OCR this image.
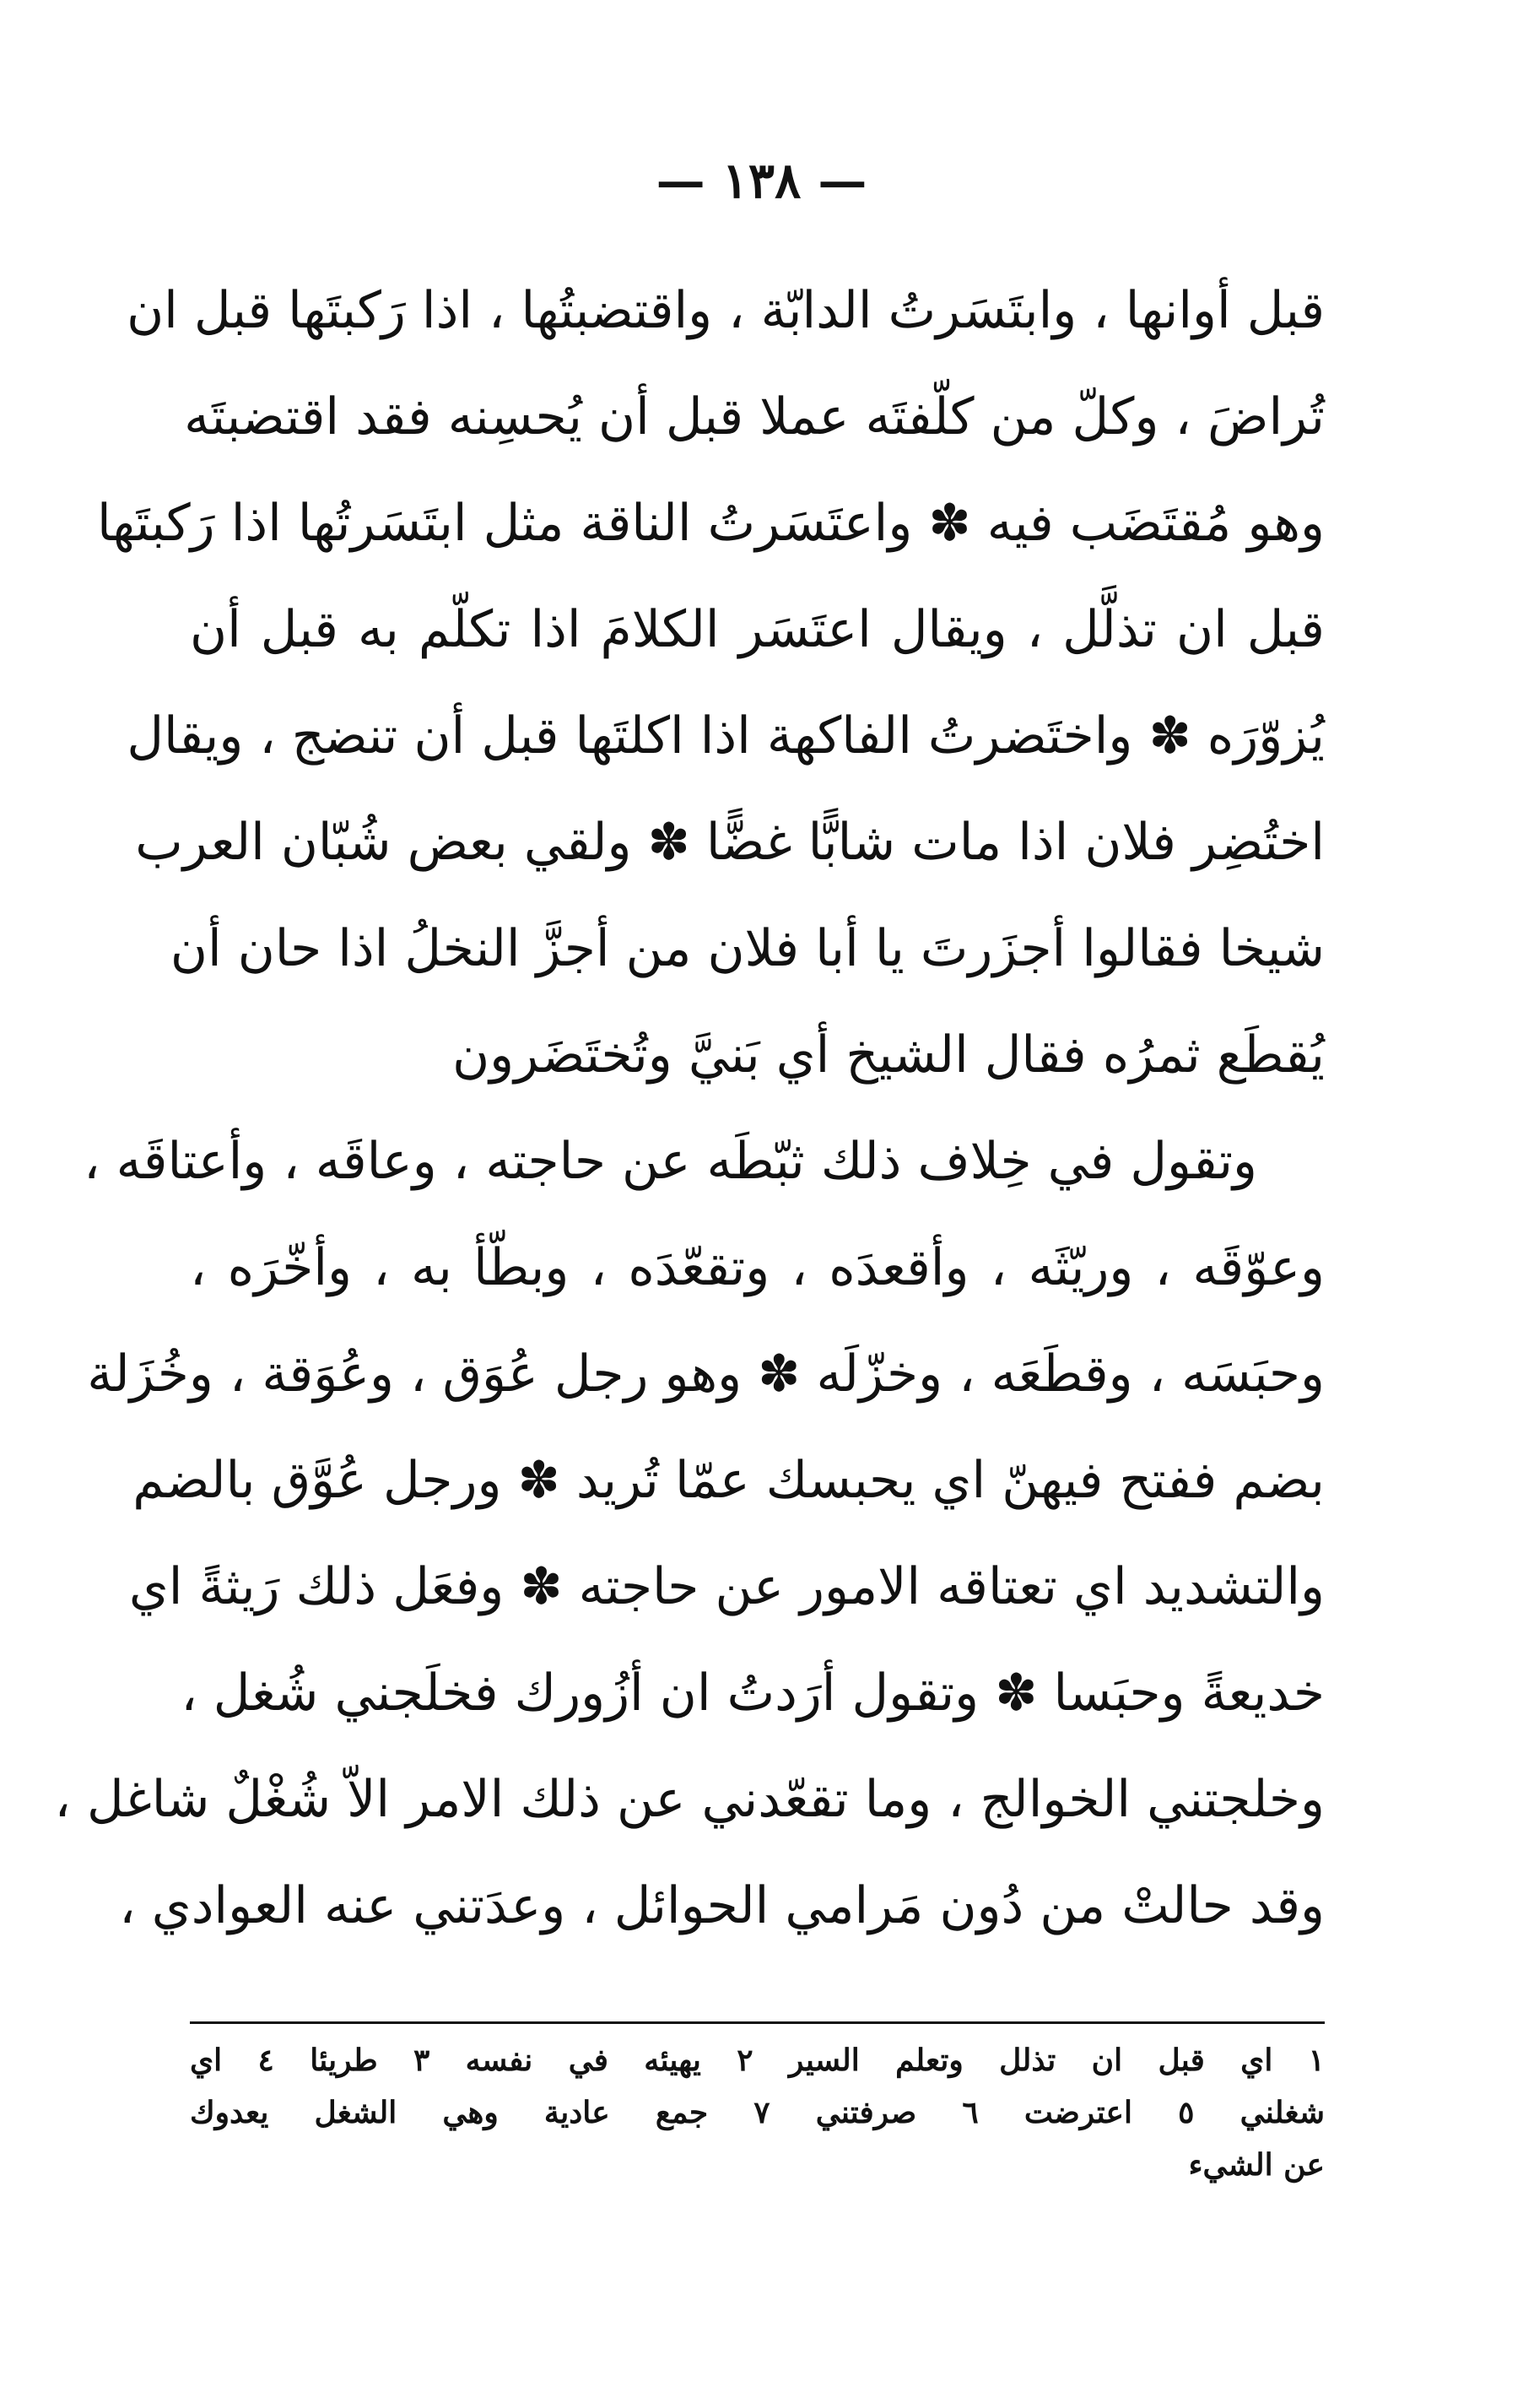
— ١٣٨ —
قبل أوانها ، وابتَسَرتُ الدابّة ، واقتضبتُها ، اذا رَكبتَها قبل ان
تُراضَ ، وكلّ من كلّفتَه عملا قبل أن يُحسِنه فقد اقتضبتَه
وهو مُقتَضَب فيه ✽ واعتَسَرتُ الناقة مثل ابتَسَرتُها اذا رَكبتَها
قبل ان تذلَّل ، ويقال اعتَسَر الكلامَ اذا تكلّم به قبل أن
يُزوّرَه ✽ واختَضرتُ الفاكهة اذا اكلتَها قبل أن تنضج ، ويقال
اختُضِر فلان اذا مات شابًّا غضًّا ✽ ولقي بعض شُبّان العرب
شيخا فقالوا أجزَرتَ يا أبا فلان من أجزَّ النخلُ اذا حان أن
يُقطَع ثمرُه فقال الشيخ أي بَنيَّ وتُختَضَرون
وتقول في خِلاف ذلك ثبّطَه عن حاجته ، وعاقَه ، وأعتاقَه ،
وعوّقَه ، وريّثَه ، وأقعدَه ، وتقعّدَه ، وبطّأ به ، وأخّرَه ،
وحبَسَه ، وقطَعَه ، وخزّلَه ✽ وهو رجل عُوَق ، وعُوَقة ، وخُزَلة
بضم ففتح فيهنّ اي يحبسك عمّا تُريد ✽ ورجل عُوَّق بالضم
والتشديد اي تعتاقه الامور عن حاجته ✽ وفعَل ذلك رَيثةً اي
خديعةً وحبَسا ✽ وتقول أرَدتُ ان أزُورك فخلَجني شُغل ،
وخلجتني الخوالج ، وما تقعّدني عن ذلك الامر الاّ شُغْلٌ شاغل ،
وقد حالتْ من دُون مَرامي الحوائل ، وعدَتني عنه العوادي ،
١ اي قبل ان تذلل وتعلم السير ٢ يهيئه في نفسه ٣ طريئا ٤ اي
شغلني ٥ اعترضت ٦ صرفتني ٧ جمع عادية وهي الشغل يعدوك
عن الشيء
